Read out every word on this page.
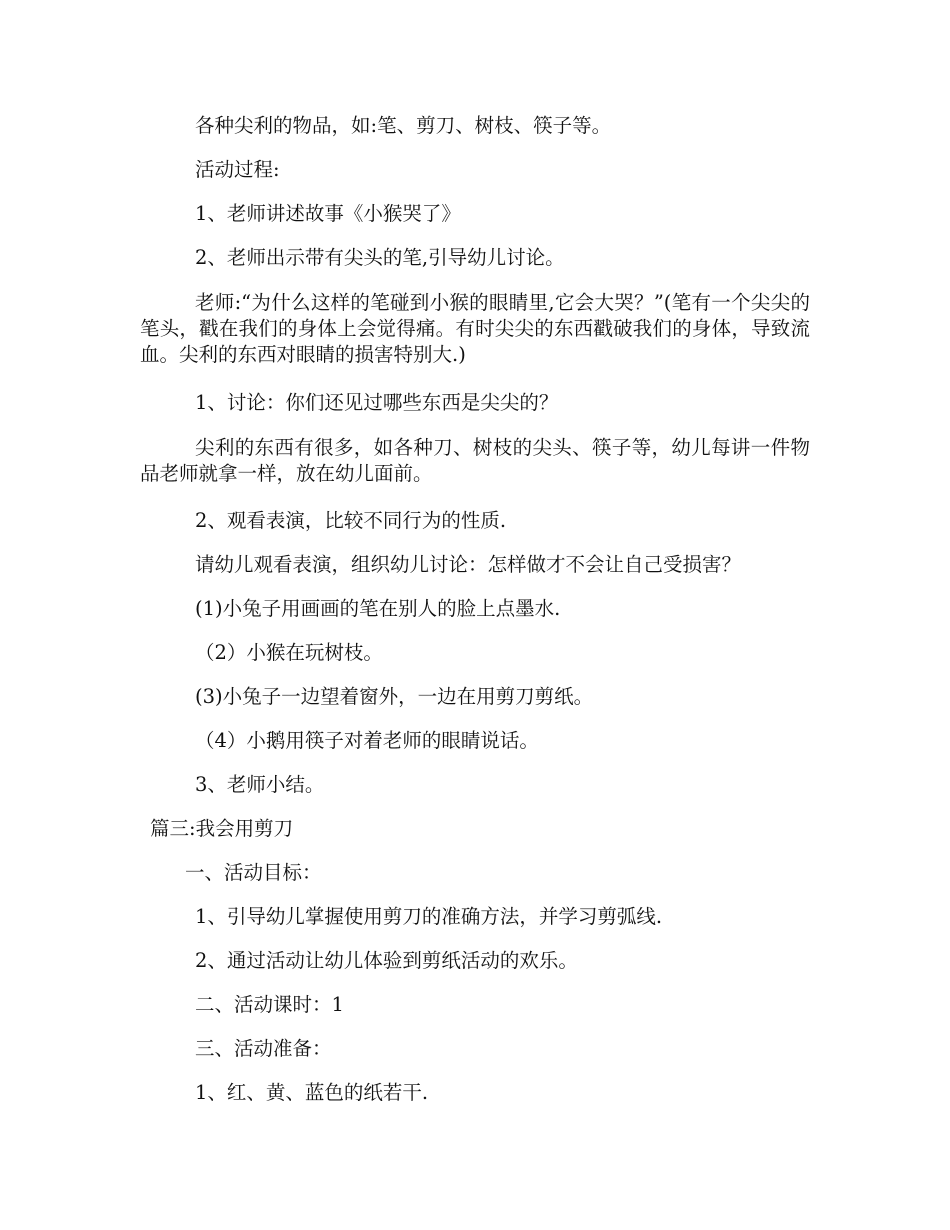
各种尖利的物品，如:笔、剪刀、树枝、筷子等。

活动过程:

1、老师讲述故事《小猴哭了》

2、老师出示带有尖头的笔,引导幼儿讨论。

老师:“为什么这样的笔碰到小猴的眼睛里,它会大哭？”(笔有一个尖尖的笔头，戳在我们的身体上会觉得痛。有时尖尖的东西戳破我们的身体，导致流血。尖利的东西对眼睛的损害特别大.)

1、讨论：你们还见过哪些东西是尖尖的？

尖利的东西有很多，如各种刀、树枝的尖头、筷子等，幼儿每讲一件物品老师就拿一样，放在幼儿面前。

2、观看表演，比较不同行为的性质.

请幼儿观看表演，组织幼儿讨论：怎样做才不会让自己受损害？

(1)小兔子用画画的笔在别人的脸上点墨水.

（2）小猴在玩树枝。

(3)小兔子一边望着窗外，一边在用剪刀剪纸。

（4）小鹅用筷子对着老师的眼睛说话。

3、老师小结。

篇三:我会用剪刀

一、活动目标：

1、引导幼儿掌握使用剪刀的准确方法，并学习剪弧线.

2、通过活动让幼儿体验到剪纸活动的欢乐。

二、活动课时：1

三、活动准备：

1、红、黄、蓝色的纸若干.
